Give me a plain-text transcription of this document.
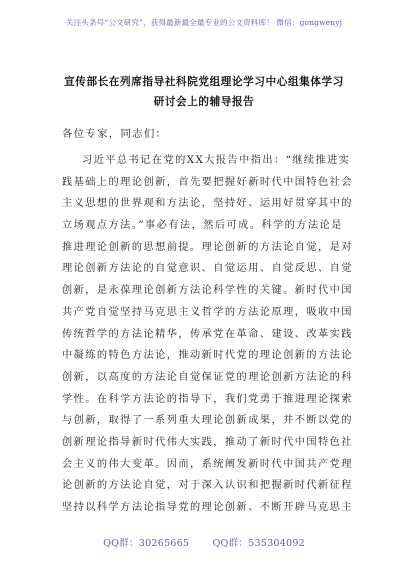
关注头条号“公文研究”，获得最新最全最专业的公文资料库！ 微信：gongwenyj
宣传部长在列席指导社科院党组理论学习中心组集体学习
研讨会上的辅导报告
各位专家，同志们：
习近平总书记在党的XX大报告中指出：“继续推进实
践基础上的理论创新，首先要把握好新时代中国特色社会
主义思想的世界观和方法论，坚持好、运用好贯穿其中的
立场观点方法。”事必有法，然后可成。科学的方法论是
推进理论创新的思想前提。理论创新的方法论自觉，是对
理论创新方法论的自觉意识、自觉运用、自觉反思、自觉
创新，是永葆理论创新方法论科学性的关键。新时代中国
共产党自觉坚持马克思主义哲学的方法论原理，吸收中国
传统哲学的方法论精华，传承党在革命、建设、改革实践
中凝练的特色方法论，推动新时代党的理论创新的方法论
创新，以高度的方法论自觉保证党的理论创新方法论的科
学性。在科学方法论的指导下，我们党勇于推进理论探索
与创新，取得了一系列重大理论创新成果，并不断以党的
创新理论指导新时代伟大实践，推动了新时代中国特色社
会主义的伟大变革。因而，系统阐发新时代中国共产党理
论创新的方法论自觉，对于深入认识和把握新时代新征程
坚持以科学方法论指导党的理论创新、不断开辟马克思主
QQ群：30265665 QQ群：535304092
